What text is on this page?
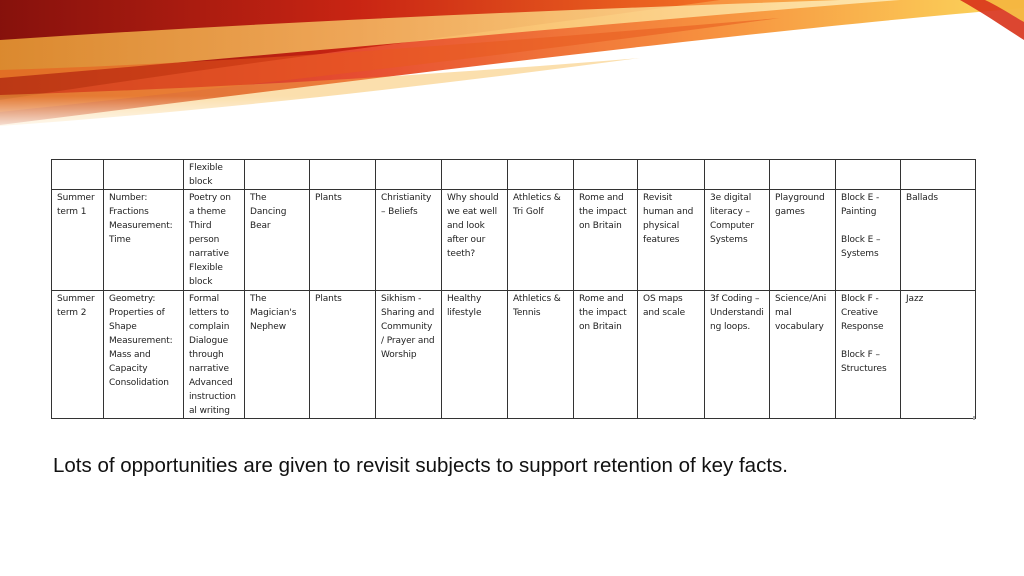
		Flexible block											

Summer term 1	Number:
Fractions
Measurement:
Time	Poetry on a theme
Third person narrative
Flexible block	The Dancing Bear	Plants	Christianity – Beliefs	Why should we eat well and look after our teeth?	Athletics & Tri Golf	Rome and the impact on Britain	Revisit human and physical features	3e digital literacy – Computer Systems	Playground games	Block E -
Painting
Block E –
Systems	Ballads

Summer term 2	Geometry:
Properties of Shape
Measurement:
Mass and Capacity
Consolidation	Formal letters to complain
Dialogue through narrative
Advanced instruction al writing	The Magician's Nephew	Plants	Sikhism - Sharing and Community / Prayer and Worship	Healthy lifestyle	Athletics & Tennis	Rome and the impact on Britain	OS maps and scale	3f Coding –
Understandi ng loops.	Science/Ani mal vocabulary	Block F -
Creative Response
Block F –
Structures	Jazz
Lots of opportunities are given to revisit subjects to support retention of key facts.
